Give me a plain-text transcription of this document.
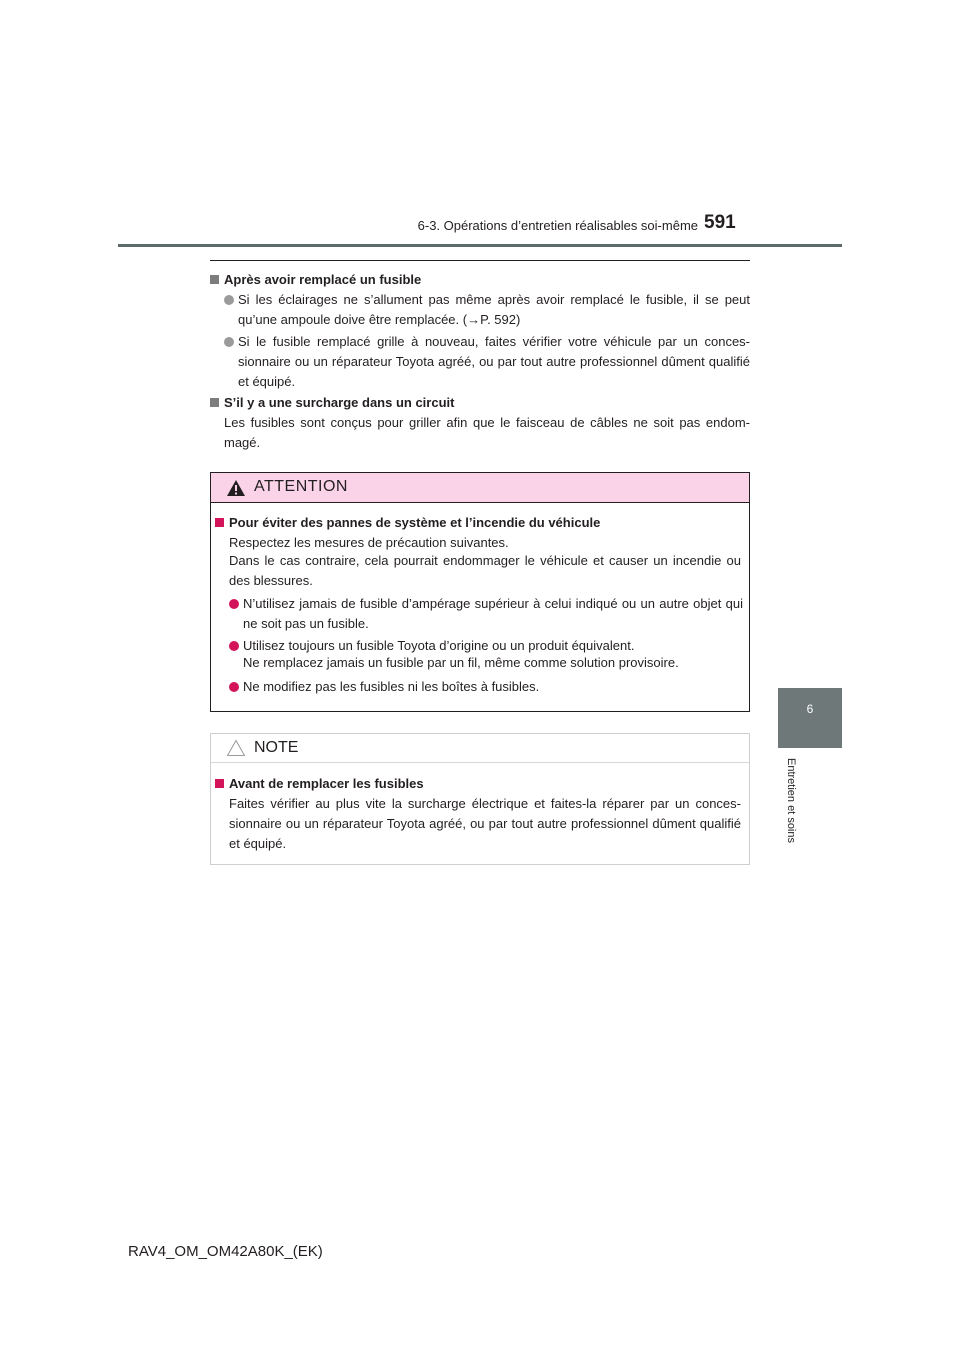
6-3. Opérations d’entretien réalisables soi-même 591
6
Entretien et soins
Après avoir remplacé un fusible
Si les éclairages ne s’allument pas même après avoir remplacé le fusible, il se peut qu’une ampoule doive être remplacée. (→P. 592)
Si le fusible remplacé grille à nouveau, faites vérifier votre véhicule par un conces-sionnaire ou un réparateur Toyota agréé, ou par tout autre professionnel dûment qualifié et équipé.
S’il y a une surcharge dans un circuit
Les fusibles sont conçus pour griller afin que le faisceau de câbles ne soit pas endom-magé.
ATTENTION
Pour éviter des pannes de système et l’incendie du véhicule
Respectez les mesures de précaution suivantes.
Dans le cas contraire, cela pourrait endommager le véhicule et causer un incendie ou des blessures.
N’utilisez jamais de fusible d’ampérage supérieur à celui indiqué ou un autre objet qui ne soit pas un fusible.
Utilisez toujours un fusible Toyota d’origine ou un produit équivalent.
Ne remplacez jamais un fusible par un fil, même comme solution provisoire.
Ne modifiez pas les fusibles ni les boîtes à fusibles.
NOTE
Avant de remplacer les fusibles
Faites vérifier au plus vite la surcharge électrique et faites-la réparer par un conces-sionnaire ou un réparateur Toyota agréé, ou par tout autre professionnel dûment qualifié et équipé.
RAV4_OM_OM42A80K_(EK)
